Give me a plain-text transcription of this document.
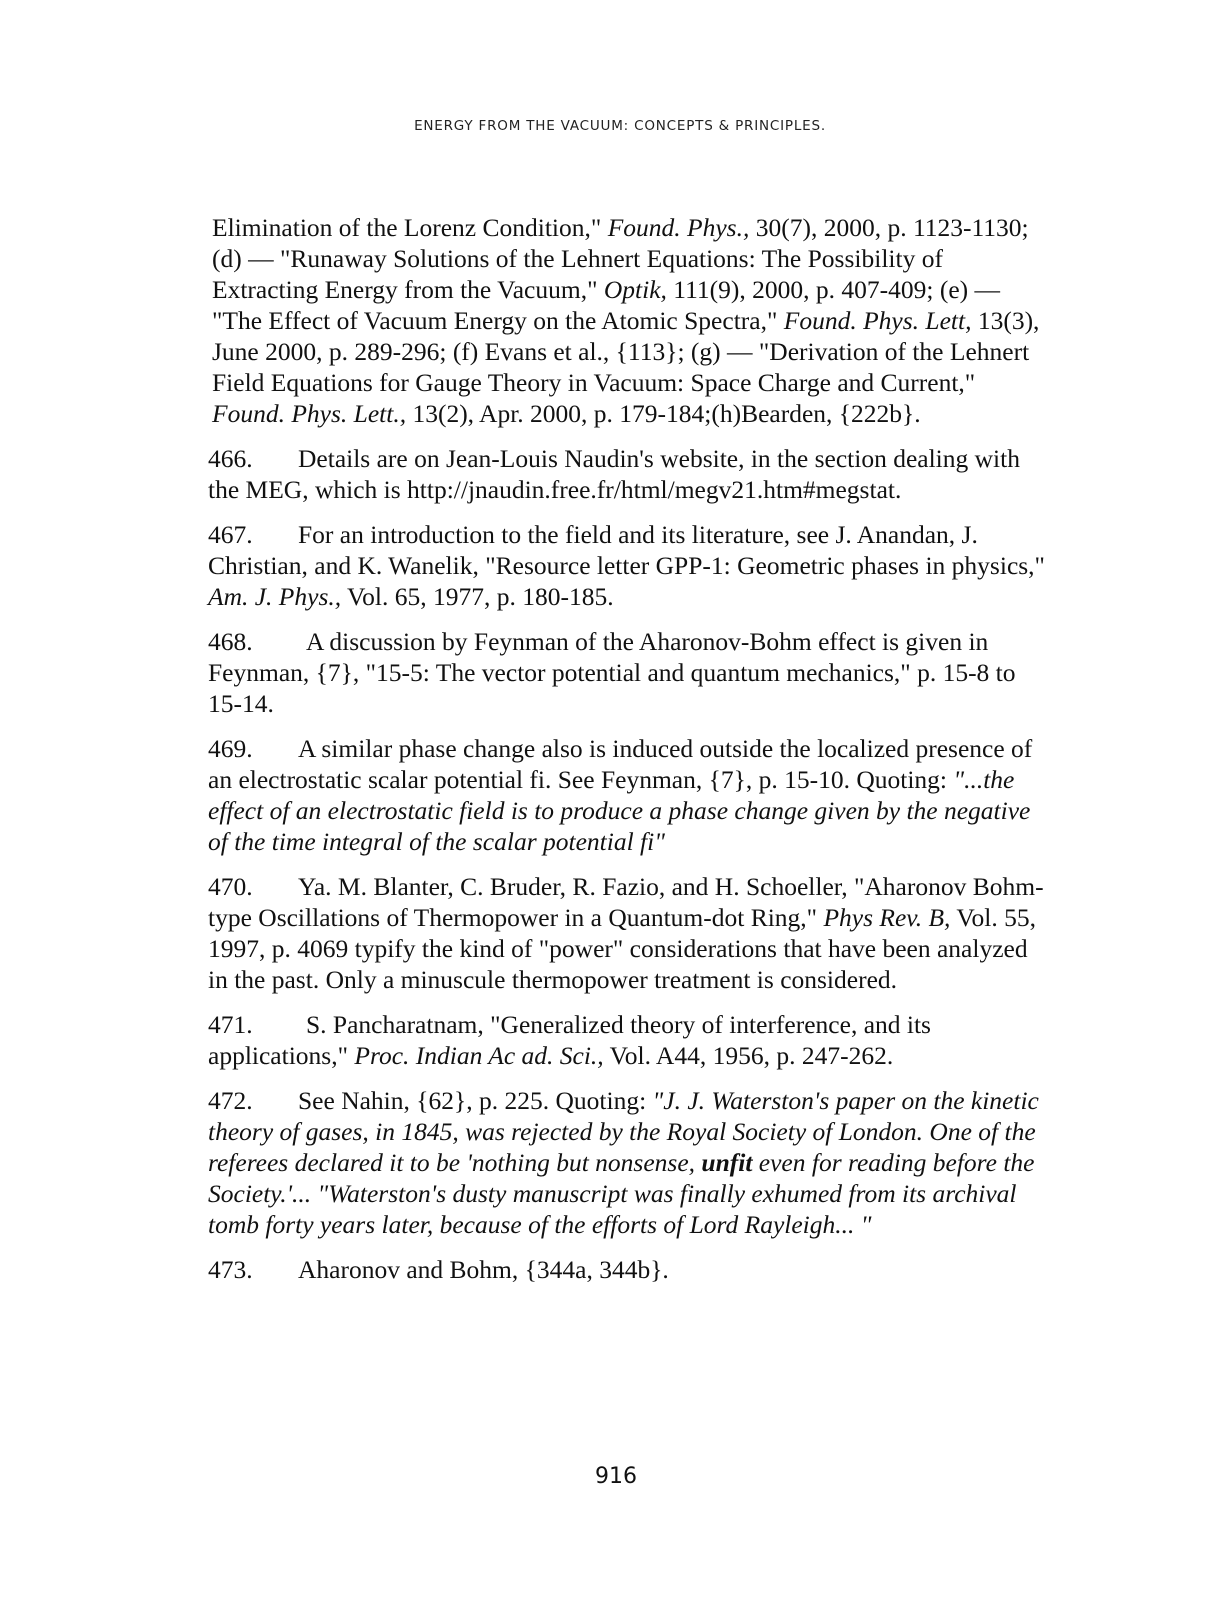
ENERGY FROM THE VACUUM: CONCEPTS & PRINCIPLES.

Elimination of the Lorenz Condition," Found. Phys., 30(7), 2000, p. 1123-1130; (d) — "Runaway Solutions of the Lehnert Equations: The Possibility of Extracting Energy from the Vacuum," Optik, 111(9), 2000, p. 407-409; (e) — "The Effect of Vacuum Energy on the Atomic Spectra," Found. Phys. Lett, 13(3), June 2000, p. 289-296; (f) Evans et al., {113}; (g) — "Derivation of the Lehnert Field Equations for Gauge Theory in Vacuum: Space Charge and Current," Found. Phys. Lett., 13(2), Apr. 2000, p. 179-184;(h)Bearden, {222b}.

466. Details are on Jean-Louis Naudin's website, in the section dealing with the MEG, which is http://jnaudin.free.fr/html/megv21.htm#megstat.

467. For an introduction to the field and its literature, see J. Anandan, J. Christian, and K. Wanelik, "Resource letter GPP-1: Geometric phases in physics," Am. J. Phys., Vol. 65, 1977, p. 180-185.

468. A discussion by Feynman of the Aharonov-Bohm effect is given in Feynman, {7}, "15-5: The vector potential and quantum mechanics," p. 15-8 to 15-14.

469. A similar phase change also is induced outside the localized presence of an electrostatic scalar potential fi. See Feynman, {7}, p. 15-10. Quoting: "...the effect of an electrostatic field is to produce a phase change given by the negative of the time integral of the scalar potential fi"

470. Ya. M. Blanter, C. Bruder, R. Fazio, and H. Schoeller, "Aharonov Bohm-type Oscillations of Thermopower in a Quantum-dot Ring," Phys Rev. B, Vol. 55, 1997, p. 4069 typify the kind of "power" considerations that have been analyzed in the past. Only a minuscule thermopower treatment is considered.

471. S. Pancharatnam, "Generalized theory of interference, and its applications," Proc. Indian Ac ad. Sci., Vol. A44, 1956, p. 247-262.

472. See Nahin, {62}, p. 225. Quoting: "J. J. Waterston's paper on the kinetic theory of gases, in 1845, was rejected by the Royal Society of London. One of the referees declared it to be 'nothing but nonsense, unfit even for reading before the Society.'... "Waterston's dusty manuscript was finally exhumed from its archival tomb forty years later, because of the efforts of Lord Rayleigh... "

473. Aharonov and Bohm, {344a, 344b}.

916
